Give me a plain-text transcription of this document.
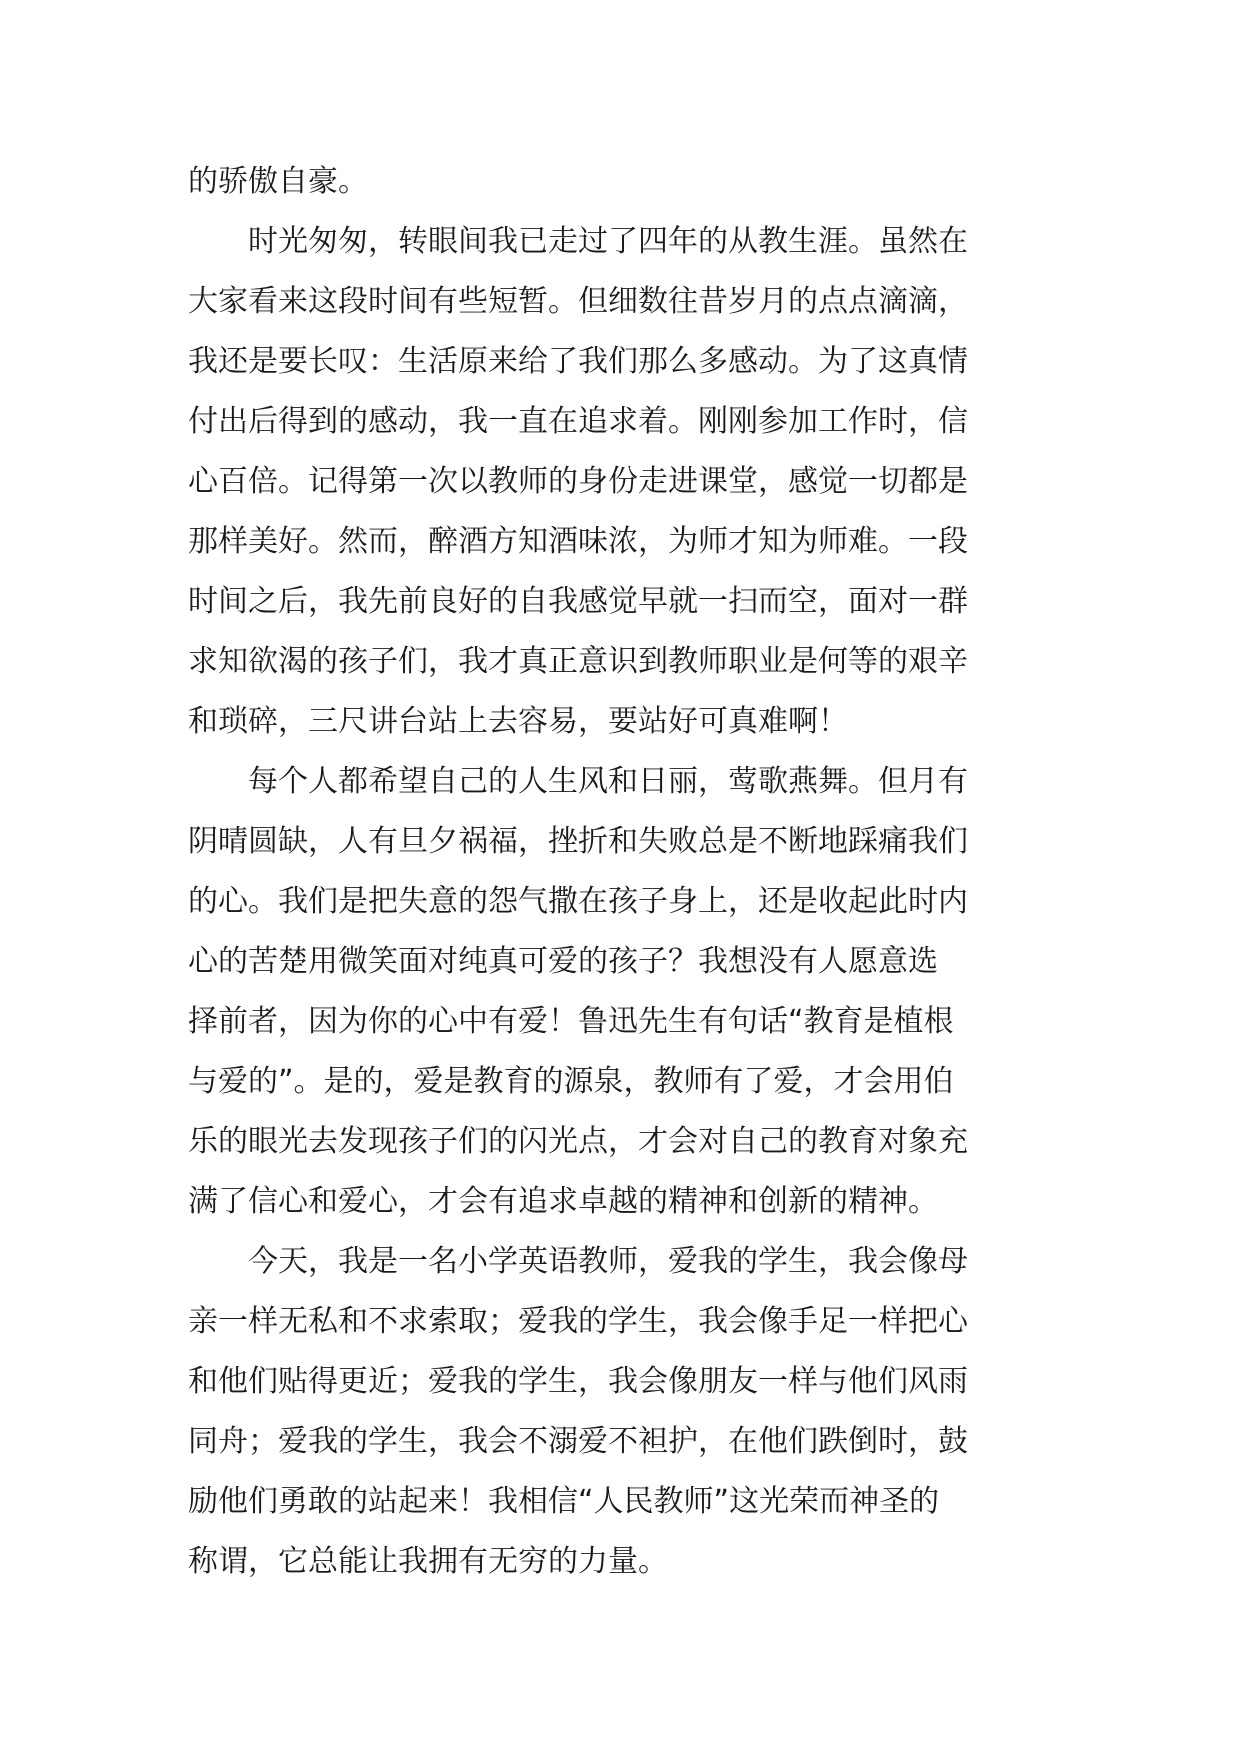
的骄傲自豪。

时光匆匆，转眼间我已走过了四年的从教生涯。虽然在
大家看来这段时间有些短暂。但细数往昔岁月的点点滴滴，
我还是要长叹：生活原来给了我们那么多感动。为了这真情
付出后得到的感动，我一直在追求着。刚刚参加工作时，信
心百倍。记得第一次以教师的身份走进课堂，感觉一切都是
那样美好。然而，醉酒方知酒味浓，为师才知为师难。一段
时间之后，我先前良好的自我感觉早就一扫而空，面对一群
求知欲渴的孩子们，我才真正意识到教师职业是何等的艰辛
和琐碎，三尺讲台站上去容易，要站好可真难啊！

每个人都希望自己的人生风和日丽，莺歌燕舞。但月有
阴晴圆缺，人有旦夕祸福，挫折和失败总是不断地踩痛我们
的心。我们是把失意的怨气撒在孩子身上，还是收起此时内
心的苦楚用微笑面对纯真可爱的孩子？我想没有人愿意选
择前者，因为你的心中有爱！鲁迅先生有句话“教育是植根
与爱的”。是的，爱是教育的源泉，教师有了爱，才会用伯
乐的眼光去发现孩子们的闪光点，才会对自己的教育对象充
满了信心和爱心，才会有追求卓越的精神和创新的精神。

今天，我是一名小学英语教师，爱我的学生，我会像母
亲一样无私和不求索取；爱我的学生，我会像手足一样把心
和他们贴得更近；爱我的学生，我会像朋友一样与他们风雨
同舟；爱我的学生，我会不溺爱不袒护，在他们跌倒时，鼓
励他们勇敢的站起来！我相信“人民教师”这光荣而神圣的
称谓，它总能让我拥有无穷的力量。
